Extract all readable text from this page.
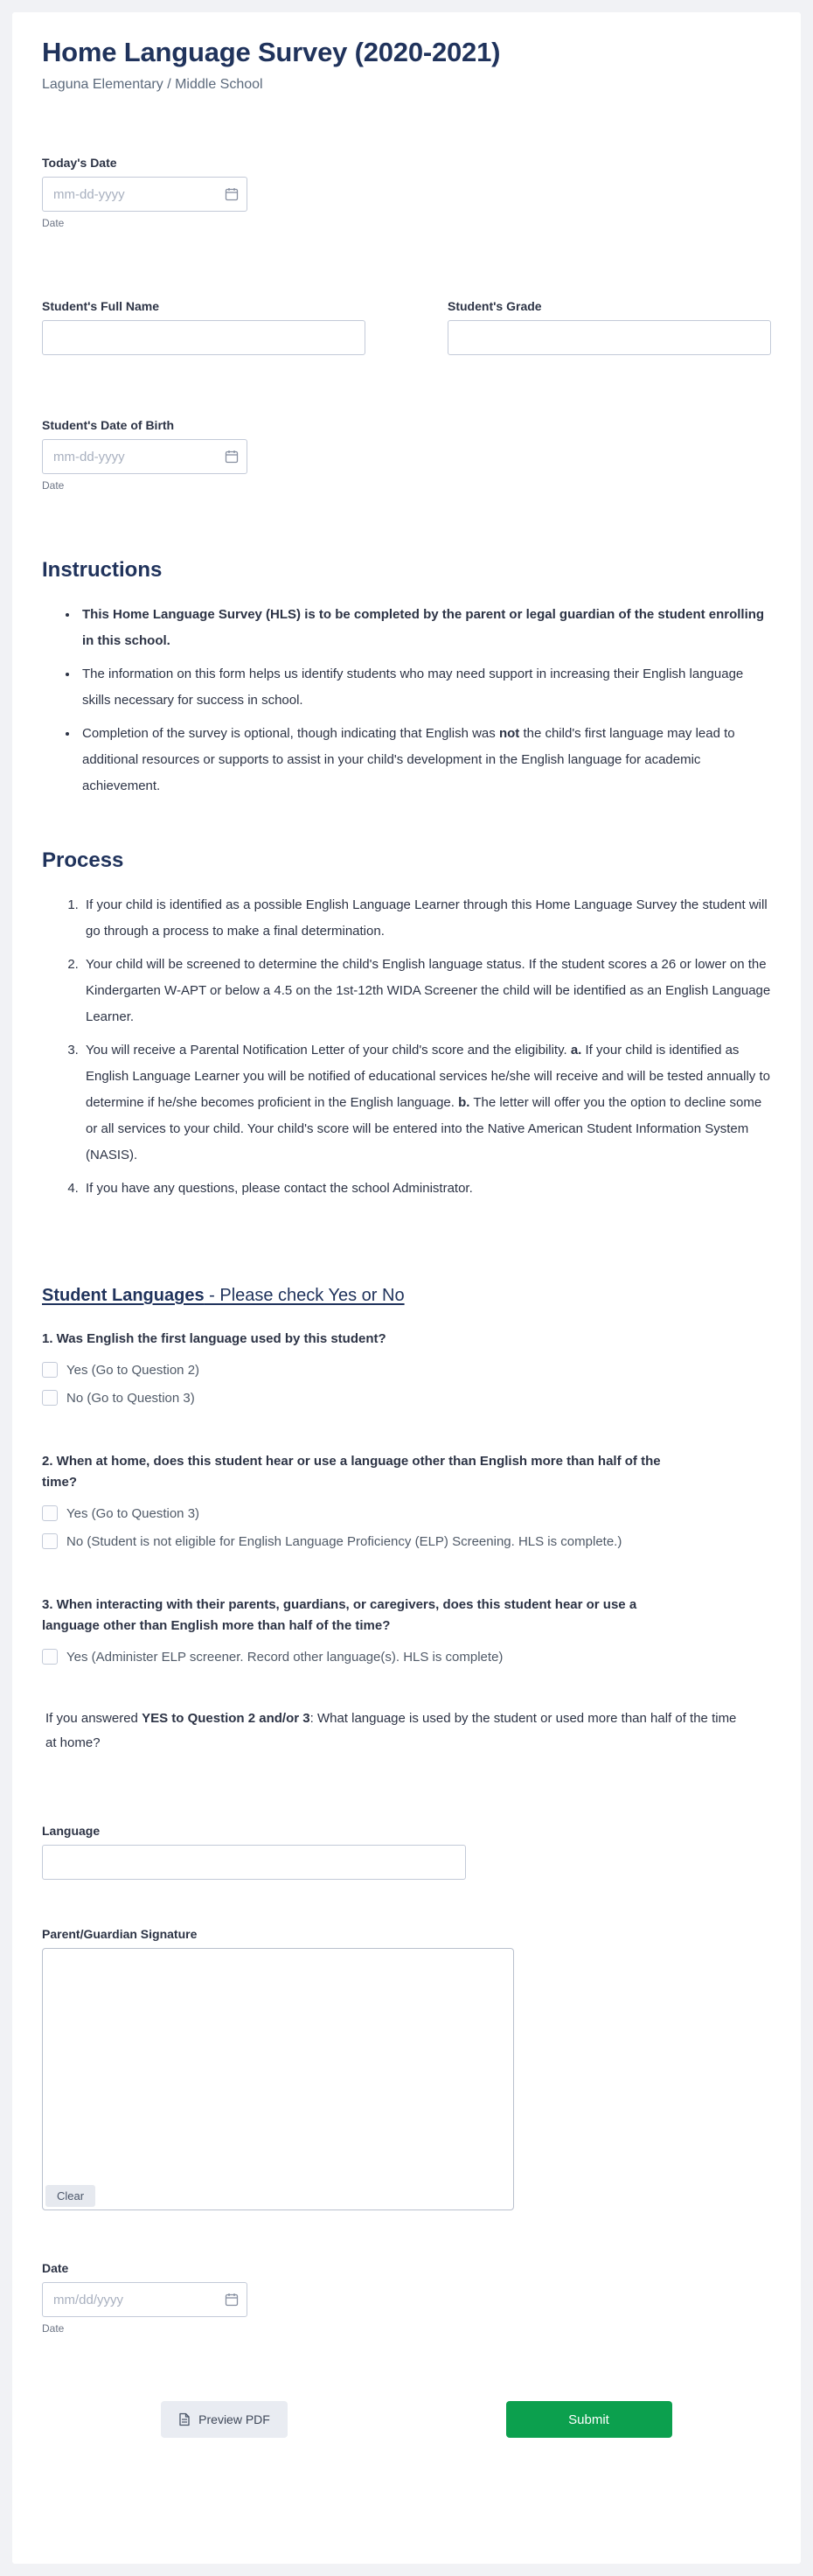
Home Language Survey (2020-2021)
Laguna Elementary / Middle School
Today's Date
mm-dd-yyyy
Date
Student's Full Name	Student's Grade
Student's Date of Birth
mm-dd-yyyy
Date
Instructions
• This Home Language Survey (HLS) is to be completed by the parent or legal guardian of the student enrolling in this school.
• The information on this form helps us identify students who may need support in increasing their English language skills necessary for success in school.
• Completion of the survey is optional, though indicating that English was not the child's first language may lead to additional resources or supports to assist in your child's development in the English language for academic achievement.
Process
1. If your child is identified as a possible English Language Learner through this Home Language Survey the student will go through a process to make a final determination.
2. Your child will be screened to determine the child's English language status. If the student scores a 26 or lower on the Kindergarten W-APT or below a 4.5 on the 1st-12th WIDA Screener the child will be identified as an English Language Learner.
3. You will receive a Parental Notification Letter of your child's score and the eligibility. a. If your child is identified as English Language Learner you will be notified of educational services he/she will receive and will be tested annually to determine if he/she becomes proficient in the English language. b. The letter will offer you the option to decline some or all services to your child. Your child's score will be entered into the Native American Student Information System (NASIS).
4. If you have any questions, please contact the school Administrator.
Student Languages - Please check Yes or No

1. Was English the first language used by this student?

Yes (Go to Question 2)
No (Go to Question 3)

2. When at home, does this student hear or use a language other than English more than half of the time?

Yes (Go to Question 3)
No (Student is not eligible for English Language Proficiency (ELP) Screening. HLS is complete.)

3. When interacting with their parents, guardians, or caregivers, does this student hear or use a language other than English more than half of the time?

Yes (Administer ELP screener. Record other language(s). HLS is complete)

If you answered YES to Question 2 and/or 3: What language is used by the student or used more than half of the time at home?

Language
Parent/Guardian Signature
Clear
Date
mm/dd/yyyy
Date
Preview PDF	Submit
